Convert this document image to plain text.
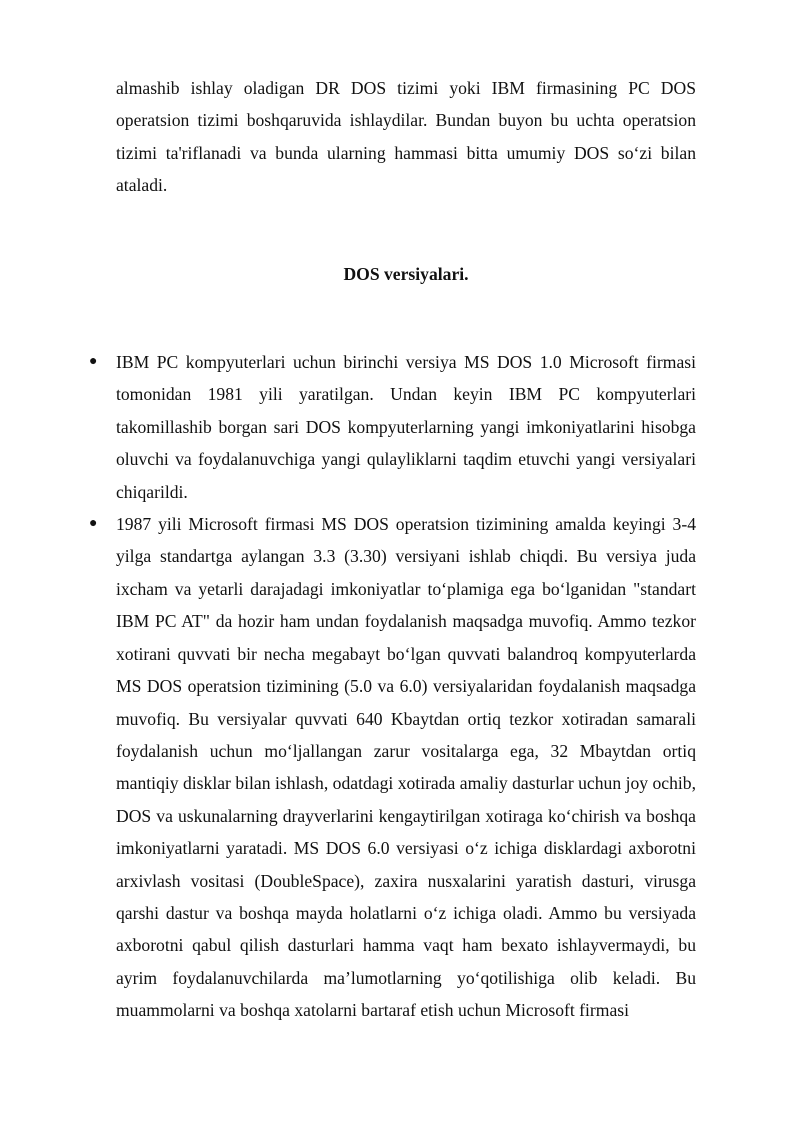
almashib ishlay oladigan DR DOS tizimi yoki IBM firmasining PC DOS operatsion tizimi boshqaruvida ishlaydilar. Bundan buyon bu uchta operatsion tizimi ta'riflanadi va bunda ularning hammasi bitta umumiy DOS so‘zi bilan ataladi.

DOS versiyalari.
● IBM PC kompyuterlari uchun birinchi versiya MS DOS 1.0 Microsoft firmasi tomonidan 1981 yili yaratilgan. Undan keyin IBM PC kompyuterlari takomillashib borgan sari DOS kompyuterlarning yangi imkoniyatlarini hisobga oluvchi va foydalanuvchiga yangi qulayliklarni taqdim etuvchi yangi versiyalari chiqarildi.
● 1987 yili Microsoft firmasi MS DOS operatsion tizimining amalda keyingi 3-4 yilga standartga aylangan 3.3 (3.30) versiyani ishlab chiqdi. Bu versiya juda ixcham va yetarli darajadagi imkoniyatlar to‘plamiga ega bo‘lganidan "standart IBM PC AT" da hozir ham undan foydalanish maqsadga muvofiq. Ammo tezkor xotirani quvvati bir necha megabayt bo‘lgan quvvati balandroq kompyuterlarda MS DOS operatsion tizimining (5.0 va 6.0) versiyalaridan foydalanish maqsadga muvofiq. Bu versiyalar quvvati 640 Kbaytdan ortiq tezkor xotiradan samarali foydalanish uchun mo‘ljallangan zarur vositalarga ega, 32 Mbaytdan ortiq mantiqiy disklar bilan ishlash, odatdagi xotirada amaliy dasturlar uchun joy ochib, DOS va uskunalarning drayverlarini kengaytirilgan xotiraga ko‘chirish va boshqa imkoniyatlarni yaratadi. MS DOS 6.0 versiyasi o‘z ichiga disklardagi axborotni arxivlash vositasi (DoubleSpace), zaxira nusxalarini yaratish dasturi, virusga qarshi dastur va boshqa mayda holatlarni o‘z ichiga oladi. Ammo bu versiyada axborotni qabul qilish dasturlari hamma vaqt ham bexato ishlayvermaydi, bu ayrim foydalanuvchilarda ma’lumotlarning yo‘qotilishiga olib keladi. Bu muammolarni va boshqa xatolarni bartaraf etish uchun Microsoft firmasi
